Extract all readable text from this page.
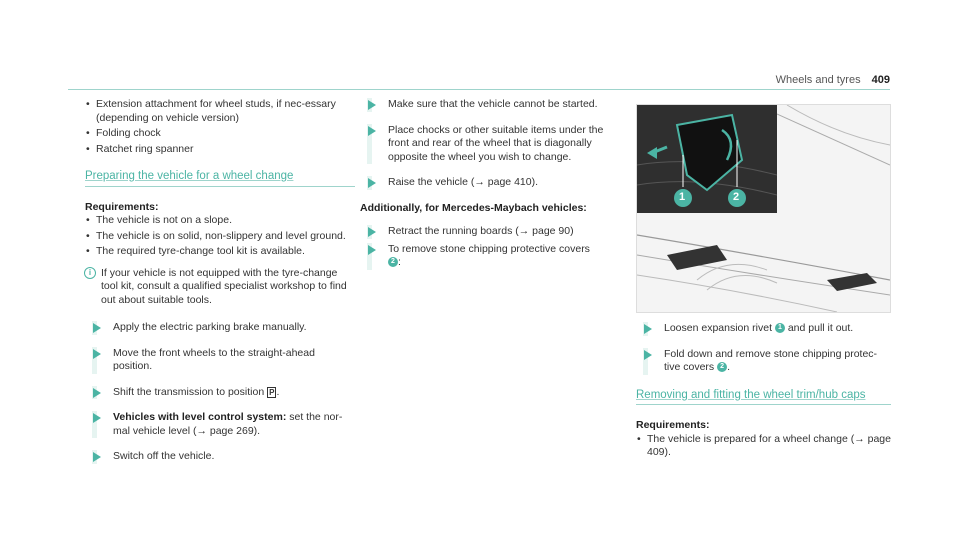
Wheels and tyres 409
• Extension attachment for wheel studs, if nec-essary (depending on vehicle version)
• Folding chock
• Ratchet ring spanner
Preparing the vehicle for a wheel change
Requirements:
• The vehicle is not on a slope.
• The vehicle is on solid, non-slippery and level ground.
• The required tyre-change tool kit is available.
i If your vehicle is not equipped with the tyre-change tool kit, consult a qualified specialist workshop to find out about suitable tools.
Apply the electric parking brake manually.
Move the front wheels to the straight-ahead position.
Shift the transmission to position P .
Vehicles with level control system: set the nor-mal vehicle level (→ page 269).
Switch off the vehicle.
Make sure that the vehicle cannot be started.
Place chocks or other suitable items under the front and rear of the wheel that is diagonally opposite the wheel you wish to change.
Raise the vehicle (→ page 410).
Additionally, for Mercedes-Maybach vehicles:
Retract the running boards (→ page 90)
To remove stone chipping protective covers
2 :
1	2
Loosen expansion rivet 1 and pull it out.
Fold down and remove stone chipping protec-tive covers 2 .
Removing and fitting the wheel trim/hub caps
Requirements:
• The vehicle is prepared for a wheel change (→ page 409).
